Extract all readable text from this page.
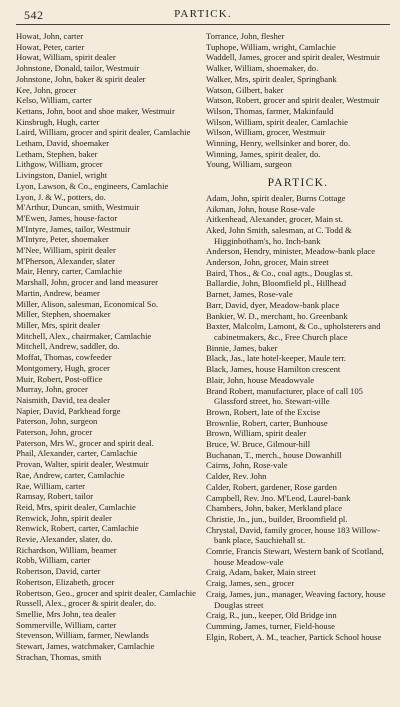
542	PARTICK.

Howat, John, carter

Howat, Peter, carter

Howat, William, spirit dealer

Johnstone, Donald, tailor, Westmuir

Johnstone, John, baker & spirit dealer

Kee, John, grocer

Kelso, William, carter

Kettans, John, boot and shoe maker, Westmuir

Kinsbrugh, Hugh, carter

Laird, William, grocer and spirit dealer, Camlachie

Letham, David, shoemaker

Letham, Stephen, baker

Lithgow, William, grocer

Livingston, Daniel, wright

Lyon, Lawson, & Co., engineers, Camlachie

Lyon, J. & W., potters, do.

M'Arthur, Duncan, smith, Westmuir

M'Ewen, James, house-factor

M'Intyre, James, tailor, Westmuir

M'Intyre, Peter, shoemaker

M'Nee, William, spirit dealer

M'Pherson, Alexander, slater

Mair, Henry, carter, Camlachie

Marshall, John, grocer and land measurer

Martin, Andrew, beamer

Miller, Alison, salesman, Economical So.

Miller, Stephen, shoemaker

Miller, Mrs, spirit dealer

Mitchell, Alex., chairmaker, Camlachie

Mitchell, Andrew, saddler, do.

Moffat, Thomas, cowfeeder

Montgomery, Hugh, grocer

Muir, Robert, Post-office

Murray, John, grocer

Naismith, David, tea dealer

Napier, David, Parkhead forge

Paterson, John, surgeon

Paterson, John, grocer

Paterson, Mrs W., grocer and spirit deal.

Phail, Alexander, carter, Camlachie

Provan, Walter, spirit dealer, Westmuir

Rae, Andrew, carter, Camlachie

Rae, William, carter

Ramsay, Robert, tailor

Reid, Mrs, spirit dealer, Camlachie

Renwick, John, spirit dealer

Renwick, Robert, carter, Camlachie

Revie, Alexander, slater, do.

Richardson, William, beamer

Robb, William, carter

Robertson, David, carter

Robertson, Elizabeth, grocer

Robertson, Geo., grocer and spirit dealer, Camlachie

Russell, Alex., grocer & spirit dealer, do.

Smellie, Mrs John, tea dealer

Sommerville, William, carter

Stevenson, William, farmer, Newlands

Stewart, James, watchmaker, Camlachie

Strachan, Thomas, smith

Torrance, John, flesher

Tuphope, William, wright, Camlachie

Waddell, James, grocer and spirit dealer, Westmuir

Walker, William, shoemaker, do.

Walker, Mrs, spirit dealer, Springbank

Watson, Gilbert, baker

Watson, Robert, grocer and spirit dealer, Westmuir

Wilson, Thomas, farmer, Makinfauld

Wilson, William, spirit dealer, Camlachie

Wilson, William, grocer, Westmuir

Winning, Henry, wellsinker and borer, do.

Winning, James, spirit dealer, do.

Young, William, surgeon

PARTICK.

Adam, John, spirit dealer, Burns Cottage

Aikman, John, house Rose-vale

Aitkenhead, Alexander, grocer, Main st.

Aked, John Smith, salesman, at C. Todd & Higginbotham's, ho. Inch-bank

Anderson, Hendry, minister, Meadow-bank place

Anderson, John, grocer, Main street

Baird, Thos., & Co., coal agts., Douglas st.

Ballardie, John, Bloomfield pl., Hillhead

Barnet, James, Rose-vale

Barr, David, dyer, Meadow-bank place

Bankier, W. D., merchant, ho. Greenbank

Baxter, Malcolm, Lamont, & Co., upholsterers and cabinetmakers, &c., Free Church place

Binnie, James, baker

Black, Jas., late hotel-keeper, Maule terr.

Black, James, house Hamilton crescent

Blair, John, house Meadowvale

Brand Robert, manufacturer, place of call 105 Glassford street, ho. Stewart-ville

Brown, Robert, late of the Excise

Brownlie, Robert, carter, Bunhouse

Brown, William, spirit dealer

Bruce, W. Bruce, Gilmour-hill

Buchanan, T., merch., house Dowanhill

Cairns, John, Rose-vale

Calder, Rev. John

Calder, Robert, gardener, Rose garden

Campbell, Rev. Jno. M'Leod, Laurel-bank

Chambers, John, baker, Merkland place

Christie, Jn., jun., builder, Broomfield pl.

Chrystal, David, family grocer, house 183 Willow-bank place, Sauchiehall st.

Comrie, Francis Stewart, Western bank of Scotland, house Meadow-vale

Craig, Adam, baker, Main street

Craig, James, sen., grocer

Craig, James, jun., manager, Weaving factory, house Douglas street

Craig, R., jun., keeper, Old Bridge inn

Cumming, James, turner, Field-house

Elgin, Robert, A. M., teacher, Partick School house
